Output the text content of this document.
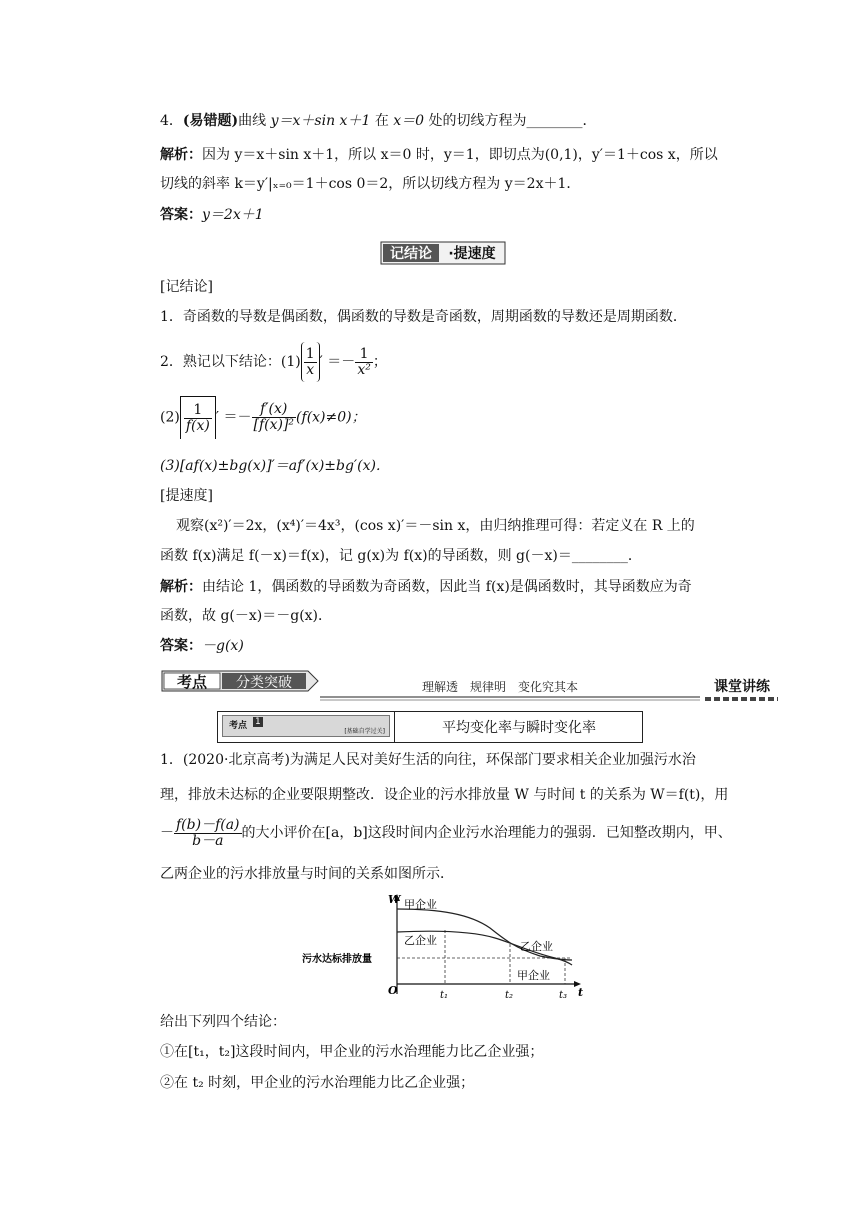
4．(易错题)曲线 y＝x＋sin x＋1 在 x＝0 处的切线方程为________．
解析：因为 y＝x＋sin x＋1，所以 x＝0 时，y＝1，即切点为(0,1)，y′＝1＋cos x，所以
切线的斜率 k＝y′|ₓ₌₀＝1＋cos 0＝2，所以切线方程为 y＝2x＋1．
答案：y＝2x＋1
记结论 ·提速度
[记结论]
1．奇函数的导数是偶函数，偶函数的导数是奇函数，周期函数的导数还是周期函数．
2．熟记以下结论：$(1) \frac{1}{x}$ ′ ＝－ $\frac{1}{\text{x²}}$ ；
$(2) \frac{1}{f(x)}$ ′ ＝－ $\frac{f'(x)}{\text{[f(x)]²}} (f(x)\ne 0)$；
(3)[af(x)±bg(x)]′＝af′(x)±bg′(x)．
[提速度]
观察(x²)′＝2x，(x⁴)′＝4x³，(cos x)′＝－sin x，由归纳推理可得：若定义在 R 上的
函数 f(x)满足 f(－x)＝f(x)，记 g(x)为 f(x)的导函数，则 g(－x)＝________．
解析：由结论 1，偶函数的导函数为奇函数，因此当 f(x)是偶函数时，其导函数应为奇
函数，故 g(－x)＝－g(x)．
答案：－g(x)
考点 分类突破	理解透　规律明　变化究其本	课堂讲练
考点 1
[基础自学过关]	平均变化率与瞬时变化率
1．(2020·北京高考)为满足人民对美好生活的向往，环保部门要求相关企业加强污水治
理，排放未达标的企业要限期整改．设企业的污水排放量 W 与时间 t 的关系为 W＝f(t)，用
－ $\frac{f(b)-f(a)}{b-a}$ 的大小评价在[a，b]这段时间内企业污水治理能力的强弱．已知整改期内，甲、
乙两企业的污水排放量与时间的关系如图所示．
W
t
O
污水达标排放量
甲企业
乙企业	乙企业
甲企业
t₁	t₂	t₃
给出下列四个结论：
①在[t₁，t₂]这段时间内，甲企业的污水治理能力比乙企业强；
②在 t₂ 时刻，甲企业的污水治理能力比乙企业强；
